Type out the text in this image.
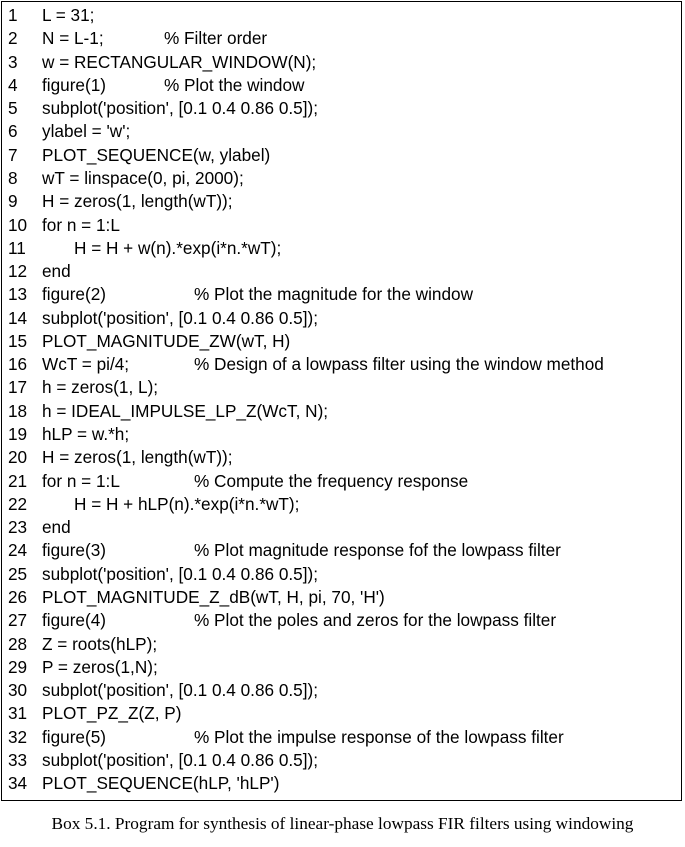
1 L = 31;
2 N = L-1;	% Filter order
3 w = RECTANGULAR_WINDOW(N);
4 figure(1)	% Plot the window
5 subplot('position', [0.1 0.4 0.86 0.5]);
6 ylabel = 'w';
7 PLOT_SEQUENCE(w, ylabel)
8 wT = linspace(0, pi, 2000);
9 H = zeros(1, length(wT));
10 for n = 1:L
11	H = H + w(n).*exp(i*n.*wT);
12 end
13 figure(2)	% Plot the magnitude for the window
14 subplot('position', [0.1 0.4 0.86 0.5]);
15 PLOT_MAGNITUDE_ZW(wT, H)
16 WcT = pi/4;	% Design of a lowpass filter using the window method
17 h = zeros(1, L);
18 h = IDEAL_IMPULSE_LP_Z(WcT, N);
19 hLP = w.*h;
20 H = zeros(1, length(wT));
21 for n = 1:L	% Compute the frequency response
22	H = H + hLP(n).*exp(i*n.*wT);
23 end
24 figure(3)	% Plot magnitude response fof the lowpass filter
25 subplot('position', [0.1 0.4 0.86 0.5]);
26 PLOT_MAGNITUDE_Z_dB(wT, H, pi, 70, 'H')
27 figure(4)	% Plot the poles and zeros for the lowpass filter
28 Z = roots(hLP);
29 P = zeros(1,N);
30 subplot('position', [0.1 0.4 0.86 0.5]);
31 PLOT_PZ_Z(Z, P)
32 figure(5)	% Plot the impulse response of the lowpass filter
33 subplot('position', [0.1 0.4 0.86 0.5]);
34 PLOT_SEQUENCE(hLP, 'hLP')
Box 5.1. Program for synthesis of linear-phase lowpass FIR filters using windowing
